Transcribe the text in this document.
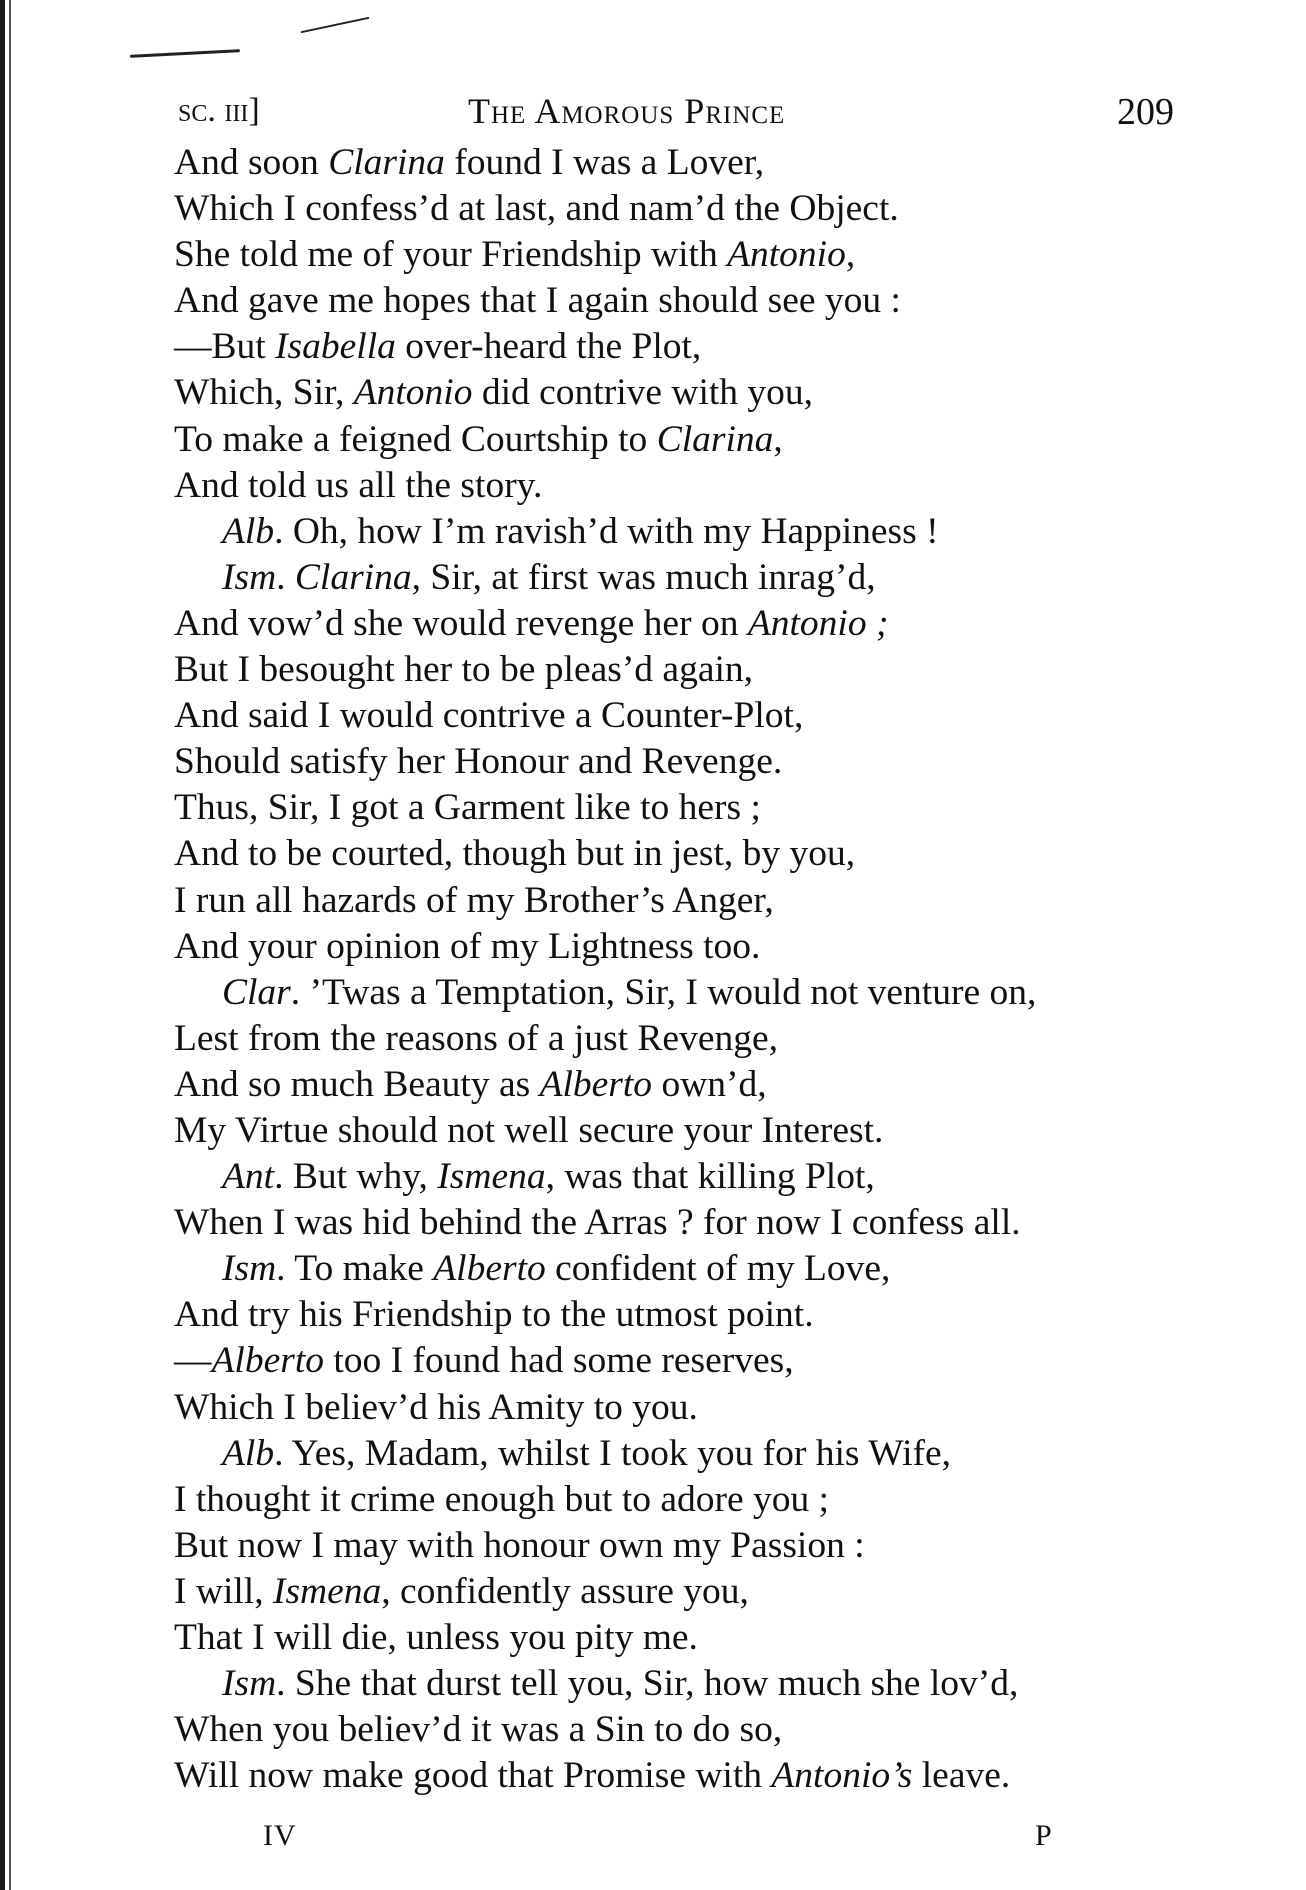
sc. iii]	The Amorous Prince	209
And soon Clarina found I was a Lover,
Which I confess’d at last, and nam’d the Object.
She told me of your Friendship with Antonio,
And gave me hopes that I again should see you :
—But Isabella over-heard the Plot,
Which, Sir, Antonio did contrive with you,
To make a feigned Courtship to Clarina,
And told us all the story.
Alb. Oh, how I’m ravish’d with my Happiness !
Ism. Clarina, Sir, at first was much inrag’d,
And vow’d she would revenge her on Antonio ;
But I besought her to be pleas’d again,
And said I would contrive a Counter-Plot,
Should satisfy her Honour and Revenge.
Thus, Sir, I got a Garment like to hers ;
And to be courted, though but in jest, by you,
I run all hazards of my Brother’s Anger,
And your opinion of my Lightness too.
Clar. ’Twas a Temptation, Sir, I would not venture on,
Lest from the reasons of a just Revenge,
And so much Beauty as Alberto own’d,
My Virtue should not well secure your Interest.
Ant. But why, Ismena, was that killing Plot,
When I was hid behind the Arras ? for now I confess all.
Ism. To make Alberto confident of my Love,
And try his Friendship to the utmost point.
—Alberto too I found had some reserves,
Which I believ’d his Amity to you.
Alb. Yes, Madam, whilst I took you for his Wife,
I thought it crime enough but to adore you ;
But now I may with honour own my Passion :
I will, Ismena, confidently assure you,
That I will die, unless you pity me.
Ism. She that durst tell you, Sir, how much she lov’d,
When you believ’d it was a Sin to do so,
Will now make good that Promise with Antonio’s leave.
IV	P
